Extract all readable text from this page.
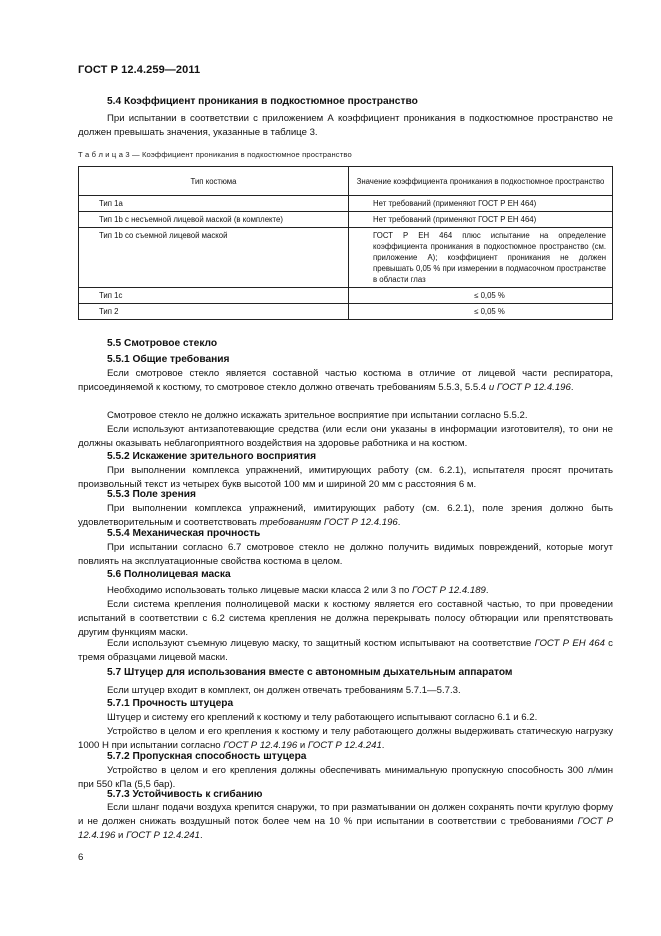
ГОСТ Р 12.4.259—2011
5.4 Коэффициент проникания в подкостюмное пространство
При испытании в соответствии с приложением А коэффициент проникания в подкостюмное пространство не должен превышать значения, указанные в таблице 3.
Т а б л и ц а 3 — Коэффициент проникания в подкостюмное пространство
Тип костюма	Значение коэффициента проникания в подкостюмное пространство
Тип 1а	Нет требований (применяют ГОСТ Р ЕН 464)
Тип 1b с несъемной лицевой маской (в комплекте)	Нет требований (применяют ГОСТ Р ЕН 464)
Тип 1b со съемной лицевой маской	ГОСТ Р ЕН 464 плюс испытание на определение коэффициента проникания в подкостюмное пространство (см. приложение А); коэффициент проникания не должен превышать 0,05 % при измерении в подмасочном пространстве в области глаз
Тип 1с	≤ 0,05 %
Тип 2	≤ 0,05 %
5.5 Смотровое стекло
5.5.1 Общие требования
Если смотровое стекло является составной частью костюма в отличие от лицевой части респиратора, присоединяемой к костюму, то смотровое стекло должно отвечать требованиям 5.5.3, 5.5.4 и ГОСТ Р 12.4.196.
Смотровое стекло не должно искажать зрительное восприятие при испытании согласно 5.5.2.
Если используют антизапотевающие средства (или если они указаны в информации изготовителя), то они не должны оказывать неблагоприятного воздействия на здоровье работника и на костюм.
5.5.2 Искажение зрительного восприятия
При выполнении комплекса упражнений, имитирующих работу (см. 6.2.1), испытателя просят прочитать произвольный текст из четырех букв высотой 100 мм и шириной 20 мм с расстояния 6 м.
5.5.3 Поле зрения
При выполнении комплекса упражнений, имитирующих работу (см. 6.2.1), поле зрения должно быть удовлетворительным и соответствовать требованиям ГОСТ Р 12.4.196.
5.5.4 Механическая прочность
При испытании согласно 6.7 смотровое стекло не должно получить видимых повреждений, которые могут повлиять на эксплуатационные свойства костюма в целом.
5.6 Полнолицевая маска
Необходимо использовать только лицевые маски класса 2 или 3 по ГОСТ Р 12.4.189.
Если система крепления полнолицевой маски к костюму является его составной частью, то при проведении испытаний в соответствии с 6.2 система крепления не должна перекрывать полосу обтюрации или препятствовать другим функциям маски.
Если используют съемную лицевую маску, то защитный костюм испытывают на соответствие ГОСТ Р ЕН 464 с тремя образцами лицевой маски.
5.7 Штуцер для использования вместе с автономным дыхательным аппаратом
Если штуцер входит в комплект, он должен отвечать требованиям 5.7.1—5.7.3.
5.7.1 Прочность штуцера
Штуцер и систему его креплений к костюму и телу работающего испытывают согласно 6.1 и 6.2.
Устройство в целом и его крепления к костюму и телу работающего должны выдерживать статическую нагрузку 1000 Н при испытании согласно ГОСТ Р 12.4.196 и ГОСТ Р 12.4.241.
5.7.2 Пропускная способность штуцера
Устройство в целом и его крепления должны обеспечивать минимальную пропускную способность 300 л/мин при 550 кПа (5,5 бар).
5.7.3 Устойчивость к сгибанию
Если шланг подачи воздуха крепится снаружи, то при разматывании он должен сохранять почти круглую форму и не должен снижать воздушный поток более чем на 10 % при испытании в соответствии с требованиями ГОСТ Р 12.4.196 и ГОСТ Р 12.4.241.
6
